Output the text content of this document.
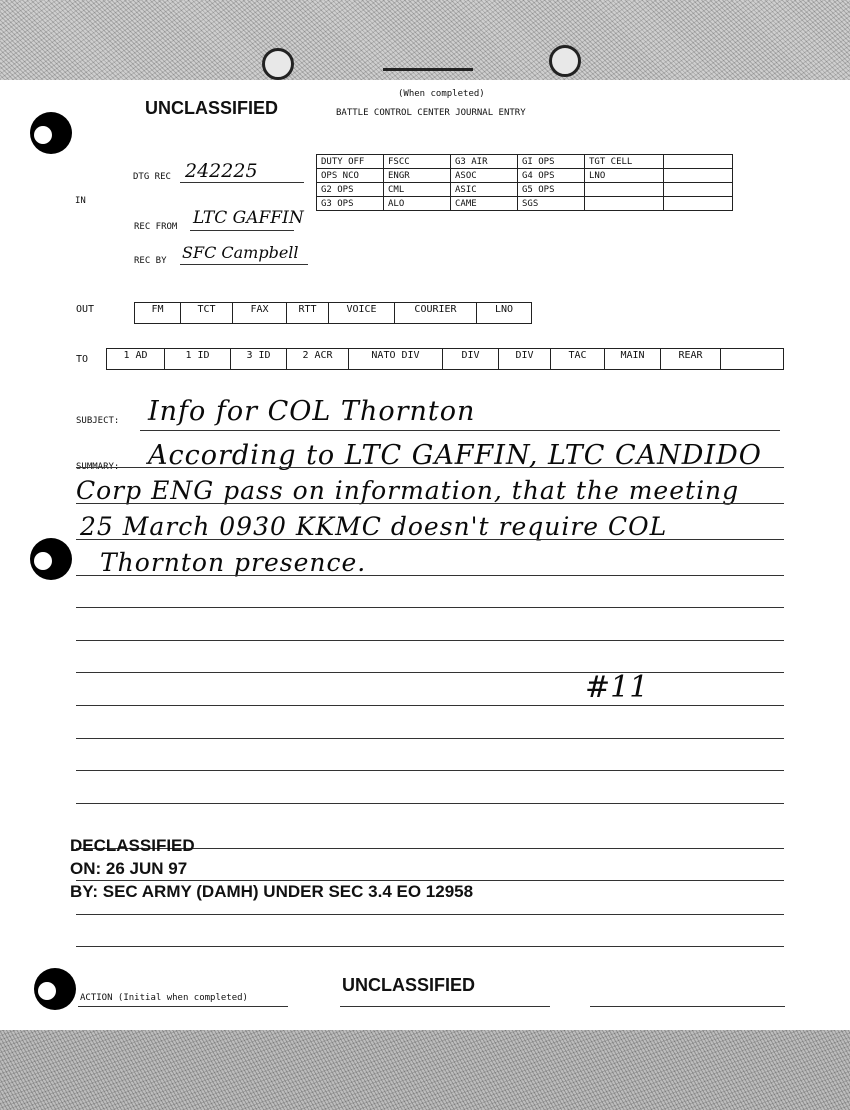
UNCLASSIFIED
(When completed)
BATTLE CONTROL CENTER JOURNAL ENTRY
DTG REC 242225
IN
REC FROM LTC GAFFIN
REC BY SFC Campbell
DUTY OFF	FSCC	G3 AIR	GI OPS	TGT CELL	
OPS NCO	ENGR	ASOC	G4 OPS	LNO	
G2 OPS	CML	ASIC	G5 OPS		
G3 OPS	ALO	CAME	SGS		
OUT	FM	TCT	FAX	RTT	VOICE	COURIER	LNO
TO	1 AD	1 ID	3 ID	2 ACR	NATO DIV	DIV	DIV	TAC	MAIN	REAR
SUBJECT: Info for COL Thornton
SUMMARY: According to LTC GAFFIN, LTC CANDIDO
Corp ENG pass on information, that the meeting
25 March 0930 KKMC doesn't require COL
Thornton presence.
#11
DECLASSIFIED
ON: 26 JUN 97
BY: SEC ARMY (DAMH) UNDER SEC 3.4 EO 12958
UNCLASSIFIED
ACTION (Initial when completed)
